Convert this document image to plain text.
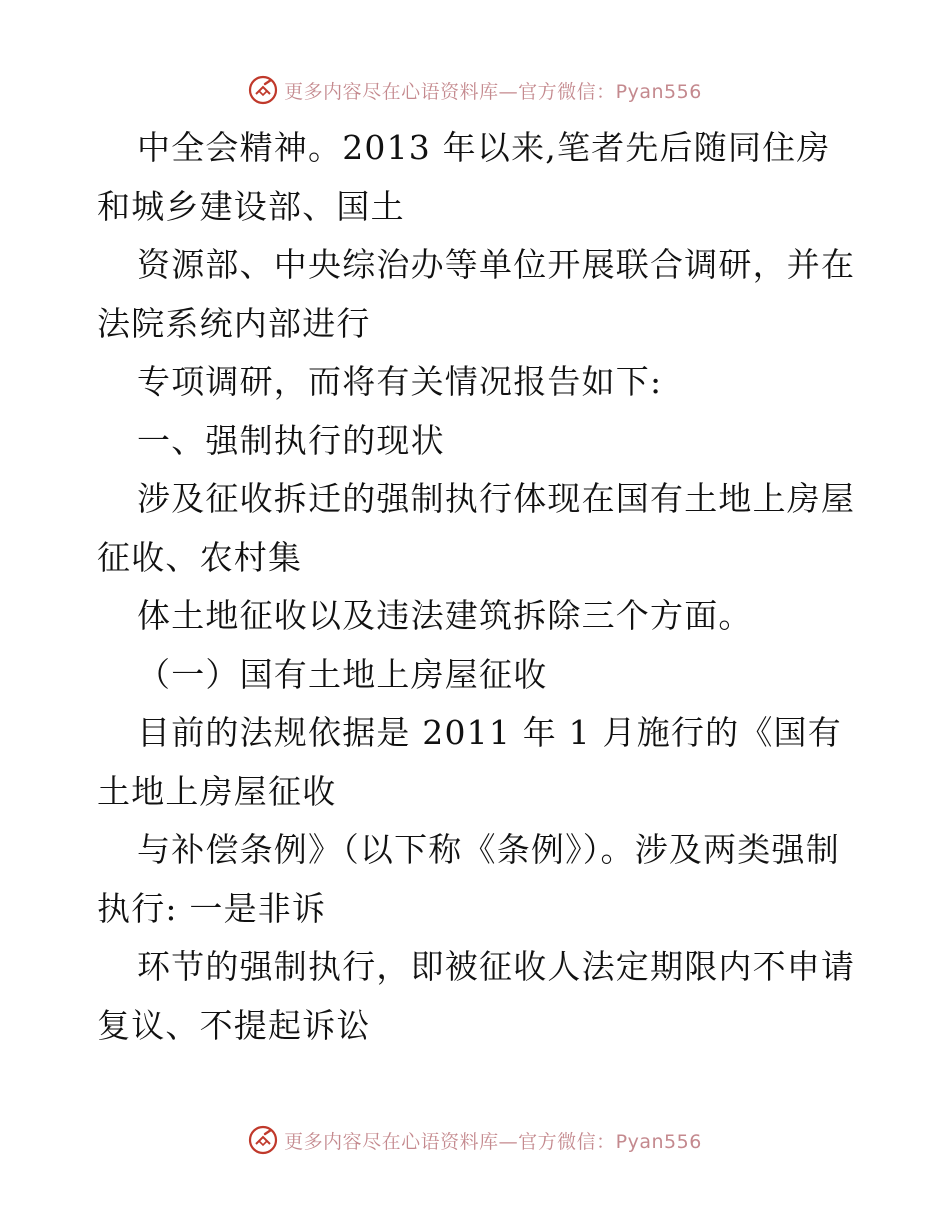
更多内容尽在心语资料库—官方微信：Pyan556

中全会精神。2013 年以来,笔者先后随同住房和城乡建设部、国土

资源部、中央综治办等单位开展联合调研，并在法院系统内部进行

专项调研，而将有关情况报告如下:

一、强制执行的现状

涉及征收拆迁的强制执行体现在国有土地上房屋征收、农村集

体土地征收以及违法建筑拆除三个方面。

（一）国有土地上房屋征收

目前的法规依据是 2011 年 1 月施行的《国有土地上房屋征收

与补偿条例》（以下称《条例》）。涉及两类强制执行: 一是非诉

环节的强制执行，即被征收人法定期限内不申请复议、不提起诉讼

更多内容尽在心语资料库—官方微信：Pyan556
